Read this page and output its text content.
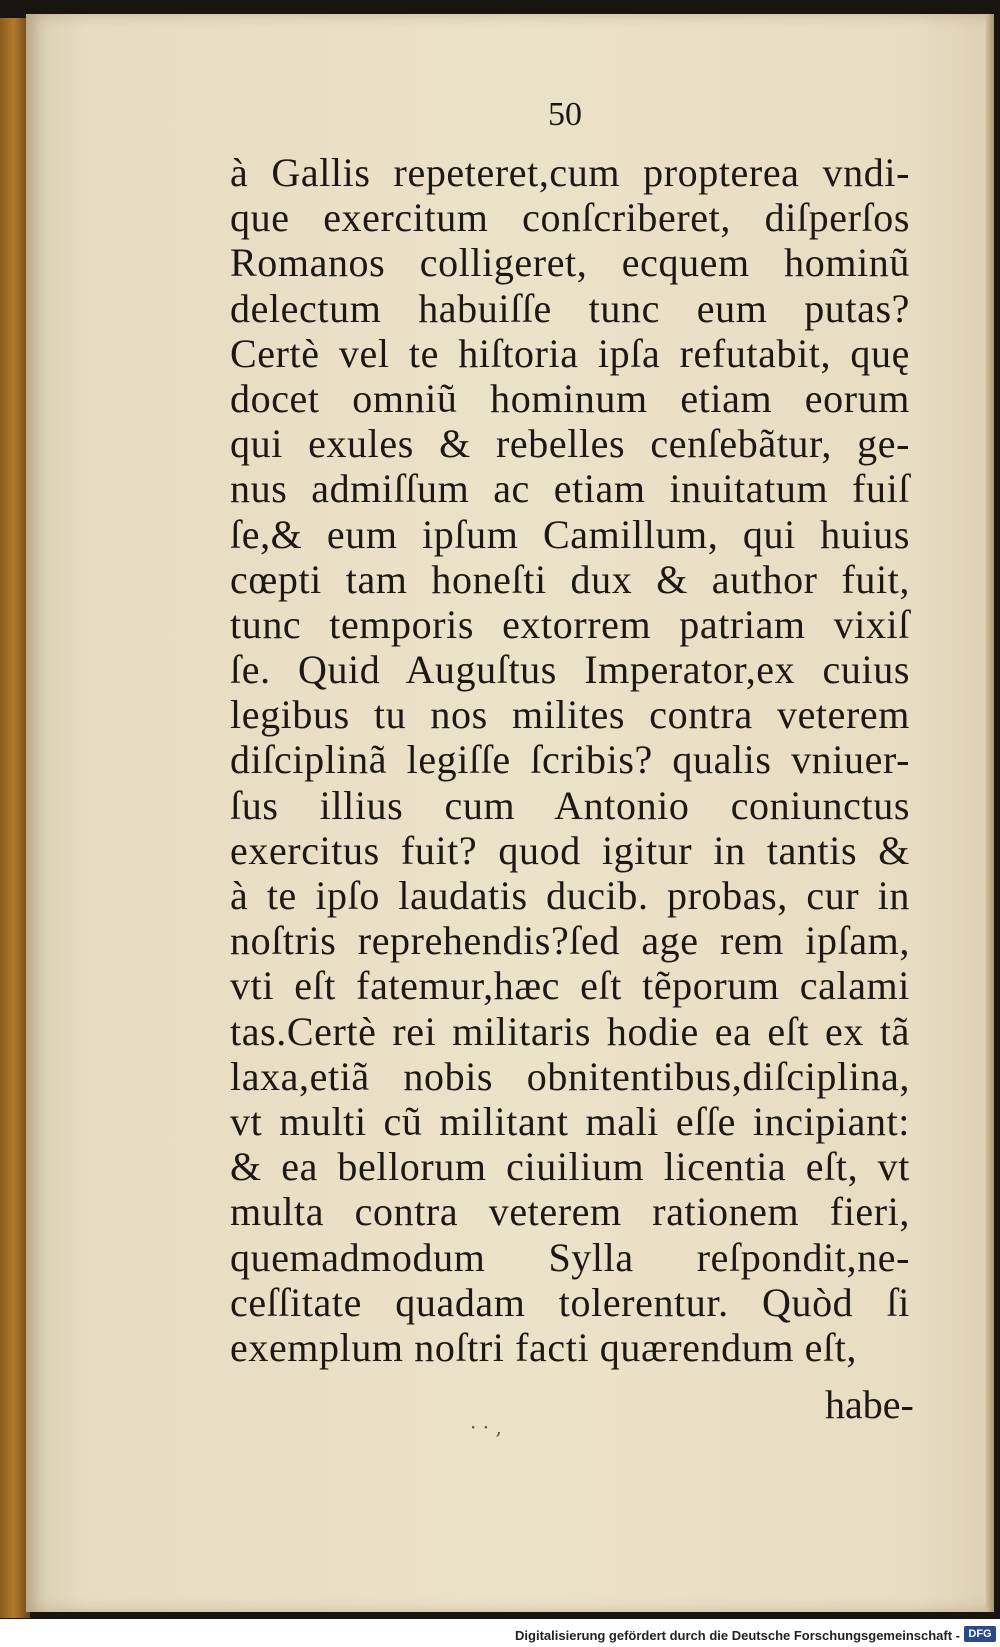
50
à Gallis repeteret,cum propterea vndi-
que exercitum conſcriberet, diſperſos
Romanos colligeret, ecquem hominũ
delectum habuiſſe tunc eum putas?
Certè vel te hiſtoria ipſa refutabit, quę
docet omniũ hominum etiam eorum
qui exules & rebelles cenſebãtur, ge-
nus admiſſum ac etiam inuitatum fuiſ
ſe,& eum ipſum Camillum, qui huius
cœpti tam honeſti dux & author fuit,
tunc temporis extorrem patriam vixiſ
ſe. Quid Auguſtus Imperator,ex cuius
legibus tu nos milites contra veterem
diſciplinã legiſſe ſcribis? qualis vniuer-
ſus illius cum Antonio coniunctus
exercitus fuit? quod igitur in tantis &
à te ipſo laudatis ducib. probas, cur in
noſtris reprehendis?ſed age rem ipſam,
vti eſt fatemur,hæc eſt tẽporum calami
tas.Certè rei militaris hodie ea eſt ex tã
laxa,etiã nobis obnitentibus,diſciplina,
vt multi cũ militant mali eſſe incipiant:
& ea bellorum ciuilium licentia eſt, vt
multa contra veterem rationem fieri,
quemadmodum Sylla reſpondit,ne-
ceſſitate quadam tolerentur. Quòd ſi
exemplum noſtri facti quærendum eſt,
habe-
· · ‚
Digitalisierung gefördert durch die Deutsche Forschungsgemeinschaft - DFG
